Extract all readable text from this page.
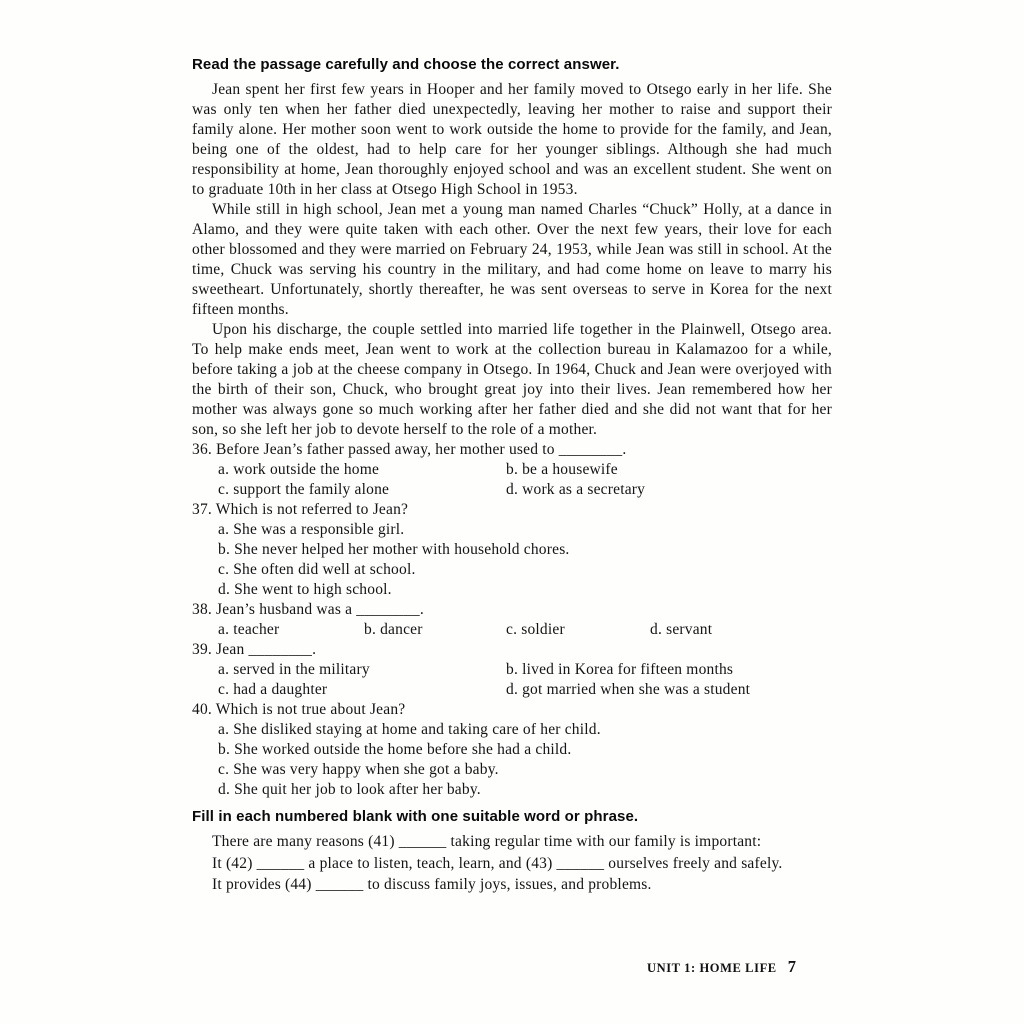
Read the passage carefully and choose the correct answer.

Jean spent her first few years in Hooper and her family moved to Otsego early in her life. She was only ten when her father died unexpectedly, leaving her mother to raise and support their family alone. Her mother soon went to work outside the home to provide for the family, and Jean, being one of the oldest, had to help care for her younger siblings. Although she had much responsibility at home, Jean thoroughly enjoyed school and was an excellent student. She went on to graduate 10th in her class at Otsego High School in 1953.

While still in high school, Jean met a young man named Charles “Chuck” Holly, at a dance in Alamo, and they were quite taken with each other. Over the next few years, their love for each other blossomed and they were married on February 24, 1953, while Jean was still in school. At the time, Chuck was serving his country in the military, and had come home on leave to marry his sweetheart. Unfortunately, shortly thereafter, he was sent overseas to serve in Korea for the next fifteen months.

Upon his discharge, the couple settled into married life together in the Plainwell, Otsego area. To help make ends meet, Jean went to work at the collection bureau in Kalamazoo for a while, before taking a job at the cheese company in Otsego. In 1964, Chuck and Jean were overjoyed with the birth of their son, Chuck, who brought great joy into their lives. Jean remembered how her mother was always gone so much working after her father died and she did not want that for her son, so she left her job to devote herself to the role of a mother.

36. Before Jean’s father passed away, her mother used to ________.
a. work outside the home	b. be a housewife
c. support the family alone	d. work as a secretary
37. Which is not referred to Jean?
a. She was a responsible girl.
b. She never helped her mother with household chores.
c. She often did well at school.
d. She went to high school.
38. Jean’s husband was a ________.
a. teacher	b. dancer	c. soldier	d. servant
39. Jean ________.
a. served in the military	b. lived in Korea for fifteen months
c. had a daughter	d. got married when she was a student
40. Which is not true about Jean?
a. She disliked staying at home and taking care of her child.
b. She worked outside the home before she had a child.
c. She was very happy when she got a baby.
d. She quit her job to look after her baby.
Fill in each numbered blank with one suitable word or phrase.
There are many reasons (41) ______ taking regular time with our family is important:
It (42) ______ a place to listen, teach, learn, and (43) ______ ourselves freely and safely.
It provides (44) ______ to discuss family joys, issues, and problems.
UNIT 1: HOME LIFE 7
